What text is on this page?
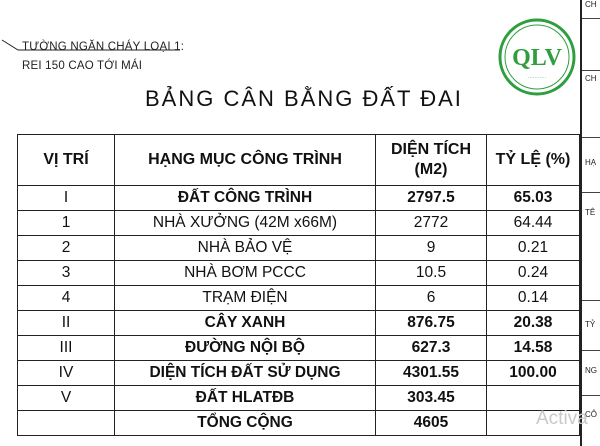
TƯỜNG NGĂN CHÁY LOẠI 1:
REI 150 CAO TỚI MÁI
BẢNG CÂN BẰNG ĐẤT ĐAI
QLV
···········
CH
CH
HẠ
TÊ
TỶ
NG
CÔ
VỊ TRÍ	HẠNG MỤC CÔNG TRÌNH	DIỆN TÍCH (M2)	TỶ LỆ (%)
I	ĐẤT CÔNG TRÌNH	2797.5	65.03
1	NHÀ XƯỞNG (42M x66M)	2772	64.44
2	NHÀ BẢO VỆ	9	0.21
3	NHÀ BƠM PCCC	10.5	0.24
4	TRẠM ĐIỆN	6	0.14
II	CÂY XANH	876.75	20.38
III	ĐƯỜNG NỘI BỘ	627.3	14.58
IV	DIỆN TÍCH ĐẤT SỬ DỤNG	4301.55	100.00
V	ĐẤT HLATĐB	303.45	
	TỔNG CỘNG	4605		Activa
